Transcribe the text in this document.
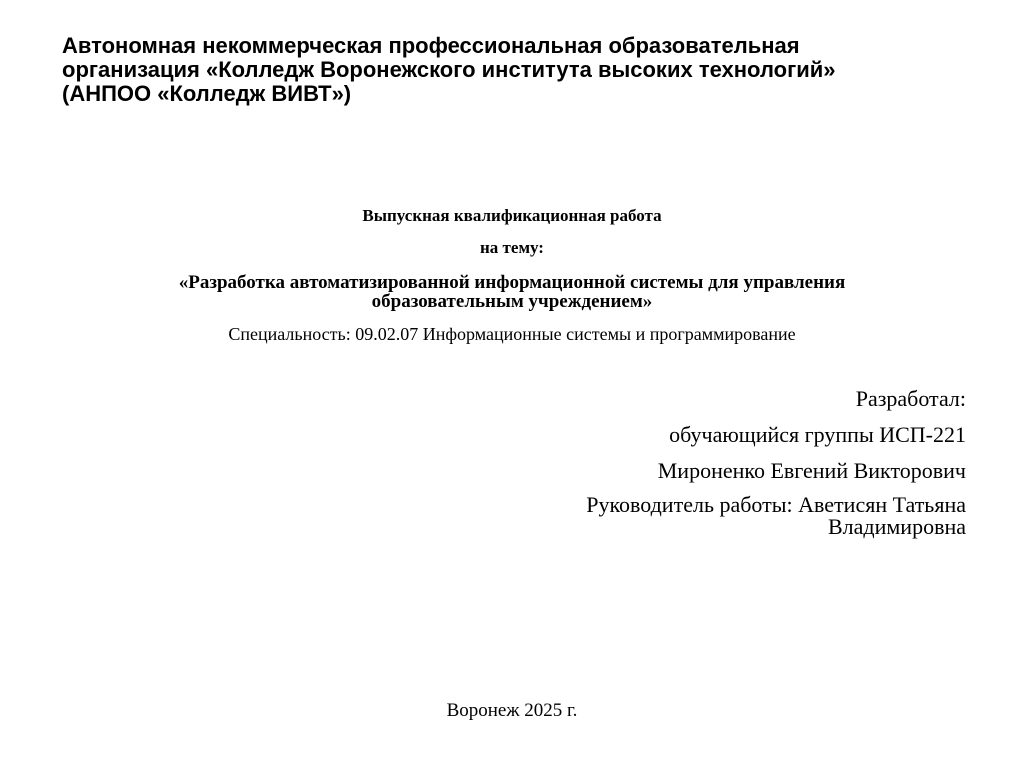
Автономная некоммерческая профессиональная образовательная
организация «Колледж Воронежского института высоких технологий»
(АНПОО «Колледж ВИВТ»)
Выпускная квалификационная работа
на тему:
«Разработка автоматизированной информационной системы для управления
образовательным учреждением»
Специальность: 09.02.07 Информационные системы и программирование
Разработал:
обучающийся группы ИСП-221
Мироненко Евгений Викторович
Руководитель работы: Аветисян Татьяна
Владимировна
Воронеж 2025 г.
